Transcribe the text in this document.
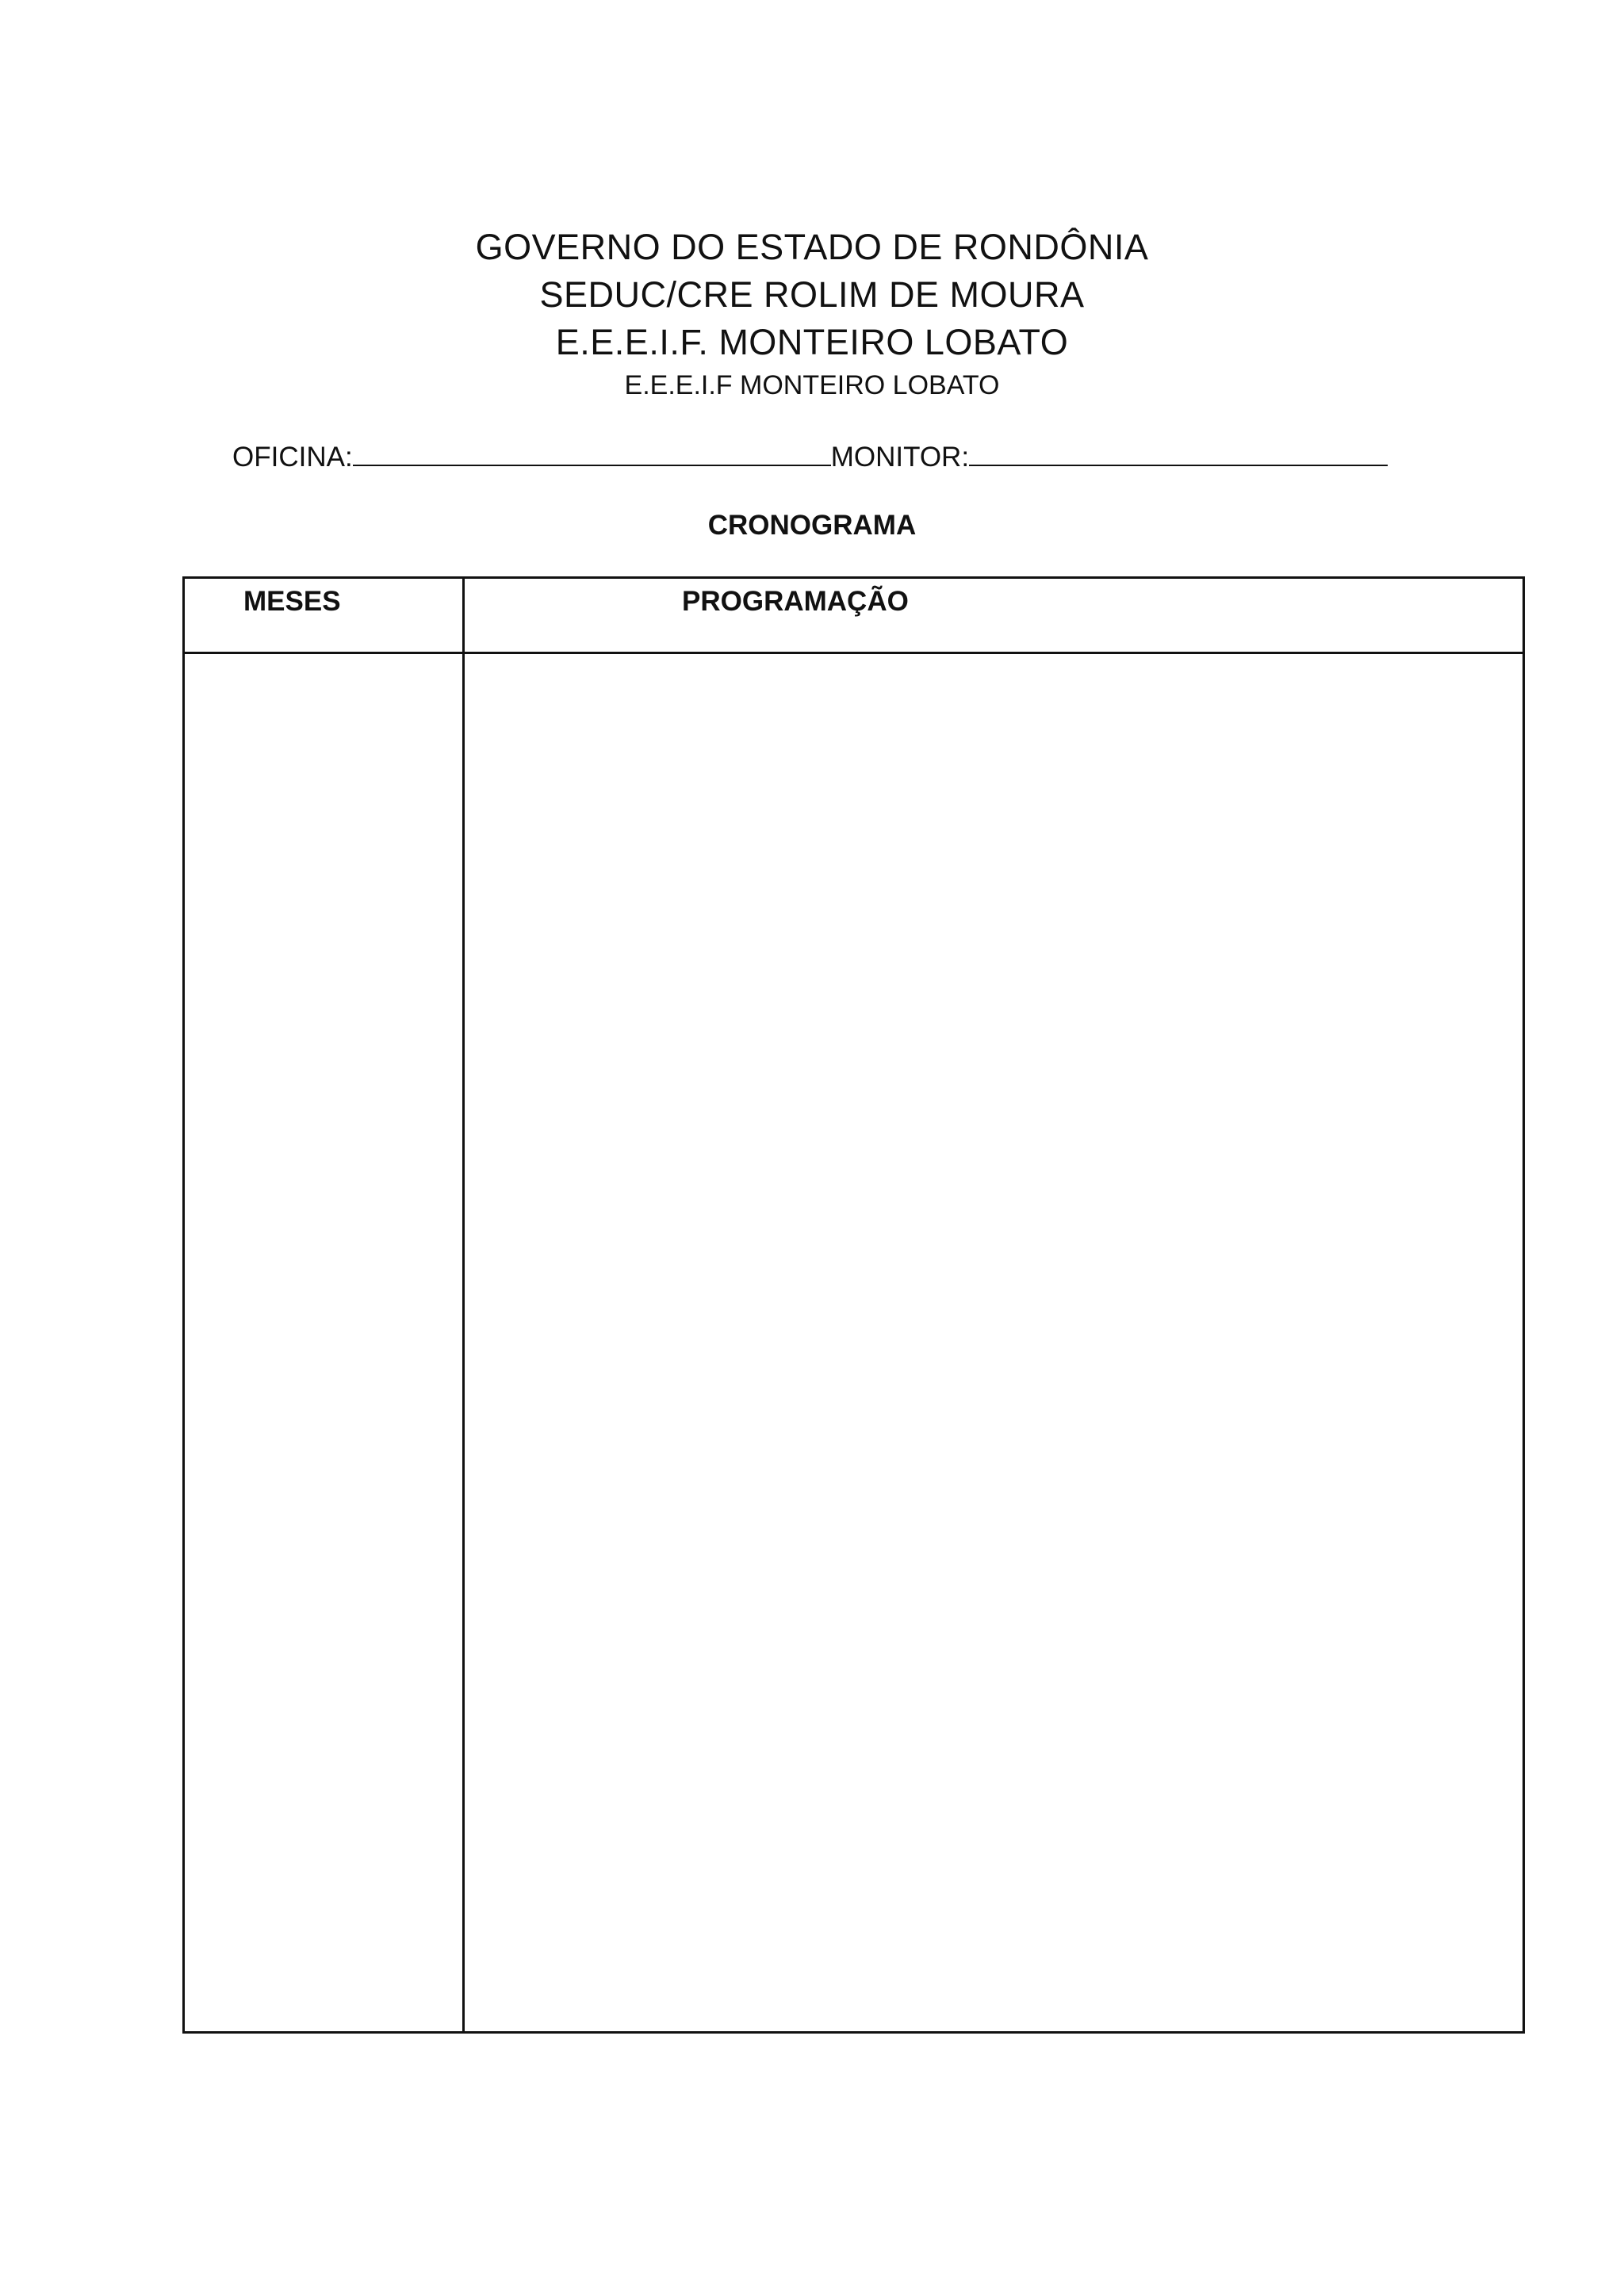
GOVERNO DO ESTADO DE RONDÔNIA
SEDUC/CRE ROLIM DE MOURA
E.E.E.I.F. MONTEIRO LOBATO
E.E.E.I.F MONTEIRO LOBATO
OFICINA:	MONITOR:
CRONOGRAMA
MESES	PROGRAMAÇÃO
